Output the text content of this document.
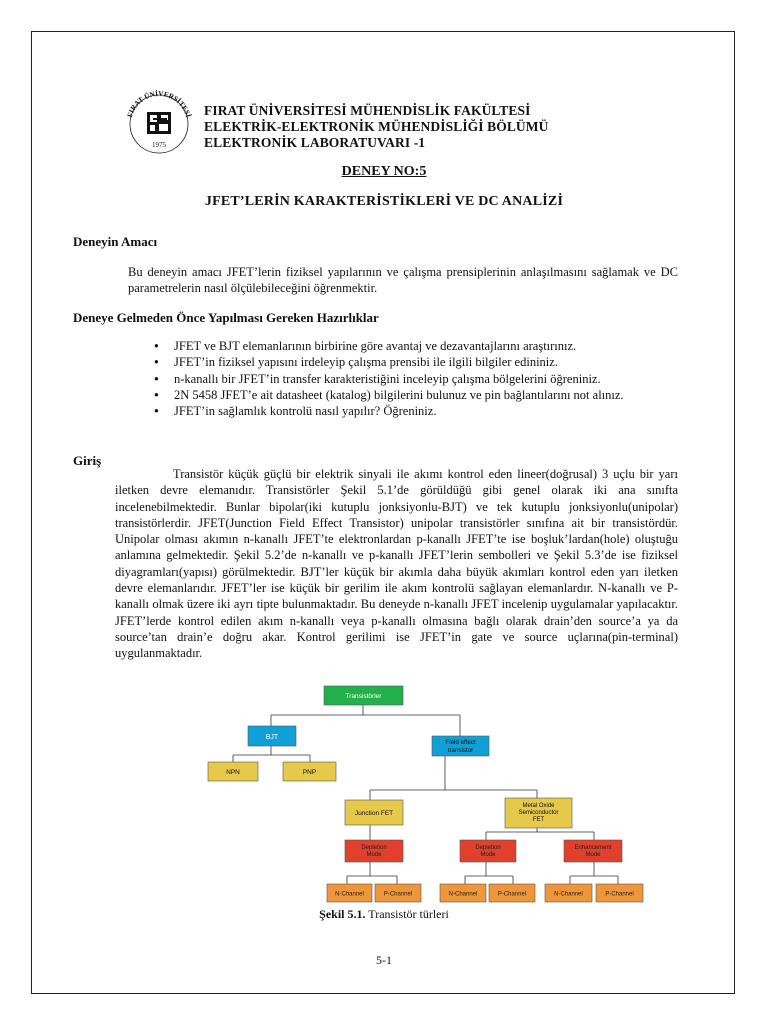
FIRAT ÜNİVERSİTESİ
1975
FIRAT ÜNİVERSİTESİ MÜHENDİSLİK FAKÜLTESİ
ELEKTRİK-ELEKTRONİK MÜHENDİSLİĞİ BÖLÜMÜ
ELEKTRONİK LABORATUVARI -1
DENEY NO:5
JFET’LERİN KARAKTERİSTİKLERİ VE DC ANALİZİ
Deneyin Amacı
Bu deneyin amacı JFET’lerin fiziksel yapılarının ve çalışma prensiplerinin anlaşılmasını sağlamak ve DC parametrelerin nasıl ölçülebileceğini öğrenmektir.
Deneye Gelmeden Önce Yapılması Gereken Hazırlıklar
● JFET ve BJT elemanlarının birbirine göre avantaj ve dezavantajlarını araştırınız.
● JFET’in fiziksel yapısını irdeleyip çalışma prensibi ile ilgili bilgiler edininiz.
● n-kanallı bir JFET’in transfer karakteristiğini inceleyip çalışma bölgelerini öğreniniz.
● 2N 5458 JFET’e ait datasheet (katalog) bilgilerini bulunuz ve pin bağlantılarını not alınız.
● JFET’in sağlamlık kontrolü nasıl yapılır? Öğreniniz.
Giriş
Transistör küçük güçlü bir elektrik sinyali ile akımı kontrol eden lineer(doğrusal) 3 uçlu bir yarı iletken devre elemanıdır. Transistörler Şekil 5.1’de görüldüğü gibi genel olarak iki ana sınıfta incelenebilmektedir. Bunlar bipolar(iki kutuplu jonksiyonlu-BJT) ve tek kutuplu jonksiyonlu(unipolar) transistörlerdir. JFET(Junction Field Effect Transistor) unipolar transistörler sınıfına ait bir transistördür. Unipolar olması akımın n-kanallı JFET’te elektronlardan p-kanallı JFET’te ise boşluk’lardan(hole) oluştuğu anlamına gelmektedir. Şekil 5.2’de n-kanallı ve p-kanallı JFET’lerin sembolleri ve Şekil 5.3’de ise fiziksel diyagramları(yapısı) görülmektedir. BJT’ler küçük bir akımla daha büyük akımları kontrol eden yarı iletken devre elemanlarıdır. JFET’ler ise küçük bir gerilim ile akım kontrolü sağlayan elemanlardır. N-kanallı ve P-kanallı olmak üzere iki ayrı tipte bulunmaktadır. Bu deneyde n-kanallı JFET incelenip uygulamalar yapılacaktır. JFET’lerde kontrol edilen akım n-kanallı veya p-kanallı olmasına bağlı olarak drain’den source’a ya da source’tan drain’e doğru akar. Kontrol gerilimi ise JFET’in gate ve source uçlarına(pin-terminal) uygulanmaktadır.
Transistörler
BJT
Field effect
transistor
NPN	PNP
Junction FET
Metal Oxide
Semiconductor
FET
Depletion
Mode
Depletion
Mode
Enhancement
Mode
N-Channel	P-Channel	N-Channel	P-Channel	N-Channel	P-Channel
Şekil 5.1. Transistör türleri
5-1
